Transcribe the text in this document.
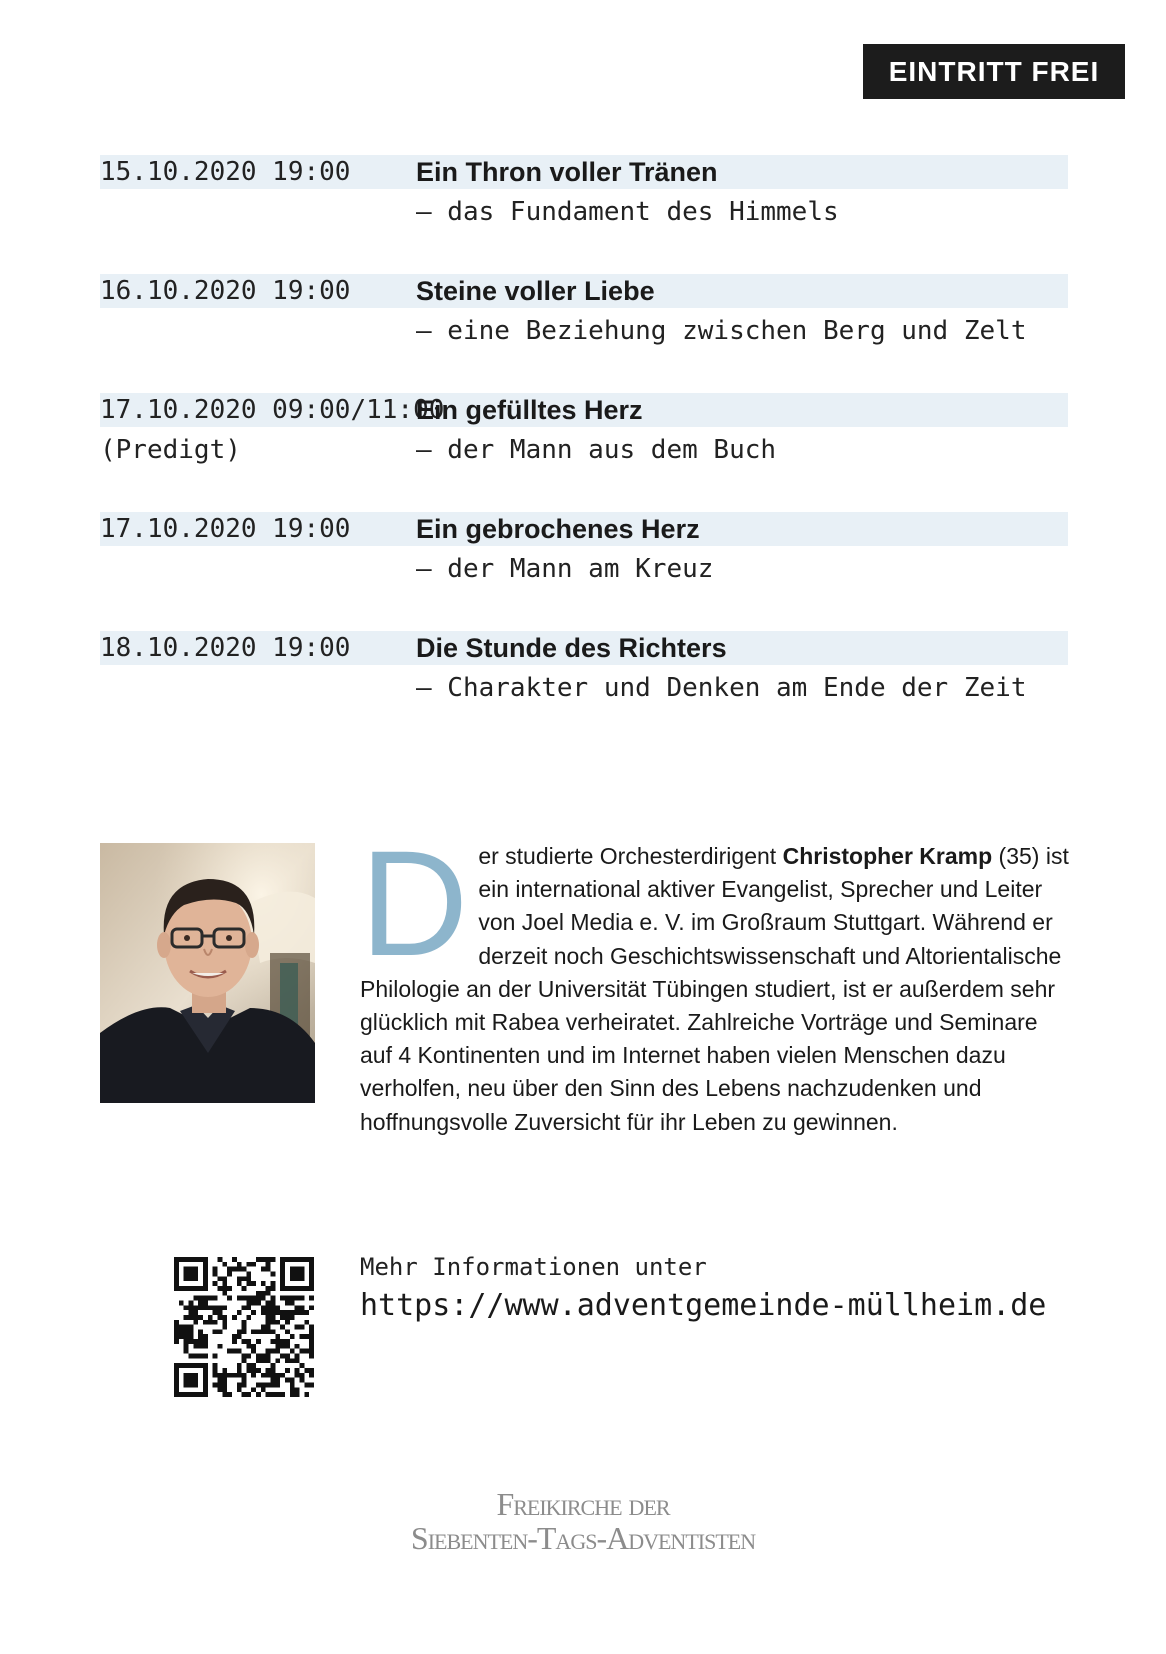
EINTRITT FREI
15.10.2020 19:00 Ein Thron voller Tränen
– das Fundament des Himmels
16.10.2020 19:00 Steine voller Liebe
– eine Beziehung zwischen Berg und Zelt
17.10.2020 09:00/11:00
(Predigt)
Ein gefülltes Herz
– der Mann aus dem Buch
17.10.2020 19:00 Ein gebrochenes Herz
– der Mann am Kreuz
18.10.2020 19:00 Die Stunde des Richters
– Charakter und Denken am Ende der Zeit
Der studierte Orchesterdirigent Christopher Kramp (35) ist ein international aktiver Evangelist, Sprecher und Leiter von Joel Media e. V. im Großraum Stuttgart. Während er derzeit noch Geschichtswissenschaft und Altorientalische Philologie an der Universität Tübingen studiert, ist er außerdem sehr glücklich mit Rabea verheiratet. Zahlreiche Vorträge und Seminare auf 4 Kontinenten und im Internet haben vielen Menschen dazu verholfen, neu über den Sinn des Lebens nachzudenken und hoffnungsvolle Zuversicht für ihr Leben zu gewinnen.
Mehr Informationen unter
https://www.adventgemeinde-müllheim.de
Freikirche der
Siebenten-Tags-Adventisten
